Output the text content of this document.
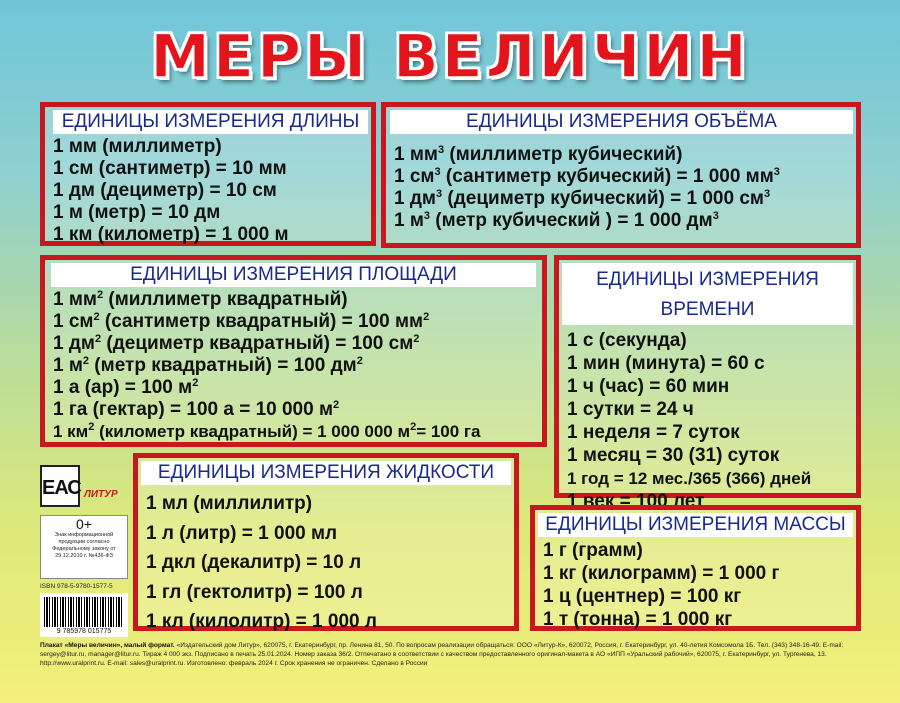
МЕРЫ ВЕЛИЧИН
ЕДИНИЦЫ ИЗМЕРЕНИЯ ДЛИНЫ
1 мм (миллиметр)
1 см (сантиметр) = 10 мм
1 дм (дециметр) = 10 см
1 м (метр) = 10 дм
1 км (километр) = 1 000 м
ЕДИНИЦЫ ИЗМЕРЕНИЯ ОБЪЁМА
1 $мм^3$ (миллиметр кубический)
1 $см^3$ (сантиметр кубический) = 1 000 $мм^3$
1 $дм^3$ (дециметр кубический) = 1 000 $см^3$
1 $м^3$ (метр кубический ) = 1 000 $дм^3$
ЕДИНИЦЫ ИЗМЕРЕНИЯ ПЛОЩАДИ
1 $мм^2$ (миллиметр квадратный)
1 $см^2$ (сантиметр квадратный) = 100 $мм^2$
1 $дм^2$ (дециметр квадратный) = 100 $см^2$
1 $м^2$ (метр квадратный) = 100 $дм^2$
1 а (ар) = 100 $м^2$
1 га (гектар) = 100 а = 10 000 $м^2$
1 $км^2$ (километр квадратный) = 1 000 000 $м^2= 100$ га
ЕДИНИЦЫ ИЗМЕРЕНИЯ
ВРЕМЕНИ
1 с (секунда)
1 мин (минута) = 60 с
1 ч (час) = 60 мин
1 сутки = 24 ч
1 неделя = 7 суток
1 месяц = 30 (31) суток
1 год = 12 мес./365 (366) дней
1 век = 100 лет
ЕДИНИЦЫ ИЗМЕРЕНИЯ ЖИДКОСТИ
1 мл (миллилитр)
1 л (литр) = 1 000 мл
1 дкл (декалитр) = 10 л
1 гл (гектолитр) = 100 л
1 кл (килолитр) = 1 000 л
ЕДИНИЦЫ ИЗМЕРЕНИЯ МАССЫ
1 г (грамм)
1 кг (килограмм) = 1 000 г
1 ц (центнер) = 100 кг
1 т (тонна) = 1 000 кг
ЕАС ЛИТУР
0+
Знак информационной продукции согласно Федеральному закону от 29.12.2010 г. №436-ФЗ
ISBN 978-5-9780-1577-5
9 785978 015775
Плакат «Меры величин», малый формат. «Издательский дом Литур», 620075, г. Екатеринбург, пр. Ленина 81, 50. По вопросам реализации обращаться: ООО «Литур-К», 620072, Россия, г. Екатеринбург, ул. 40-летия Комсомола 1Б. Тел. (343) 348-16-49. E-mail: sergey@litur.ru, manager@litur.ru. Тираж 4 000 экз. Подписано в печать 25.01.2024. Номер заказа 36/2. Отпечатано в соответствии с качеством предоставленного оригинал-макета в АО «ИПП «Уральский рабочий», 620075, г. Екатеринбург, ул. Тургенева, 13. http://www.uralprint.ru. E-mail: sales@uralprint.ru. Изготовлено: февраль 2024 г. Срок хранения не ограничен. Сделано в России
